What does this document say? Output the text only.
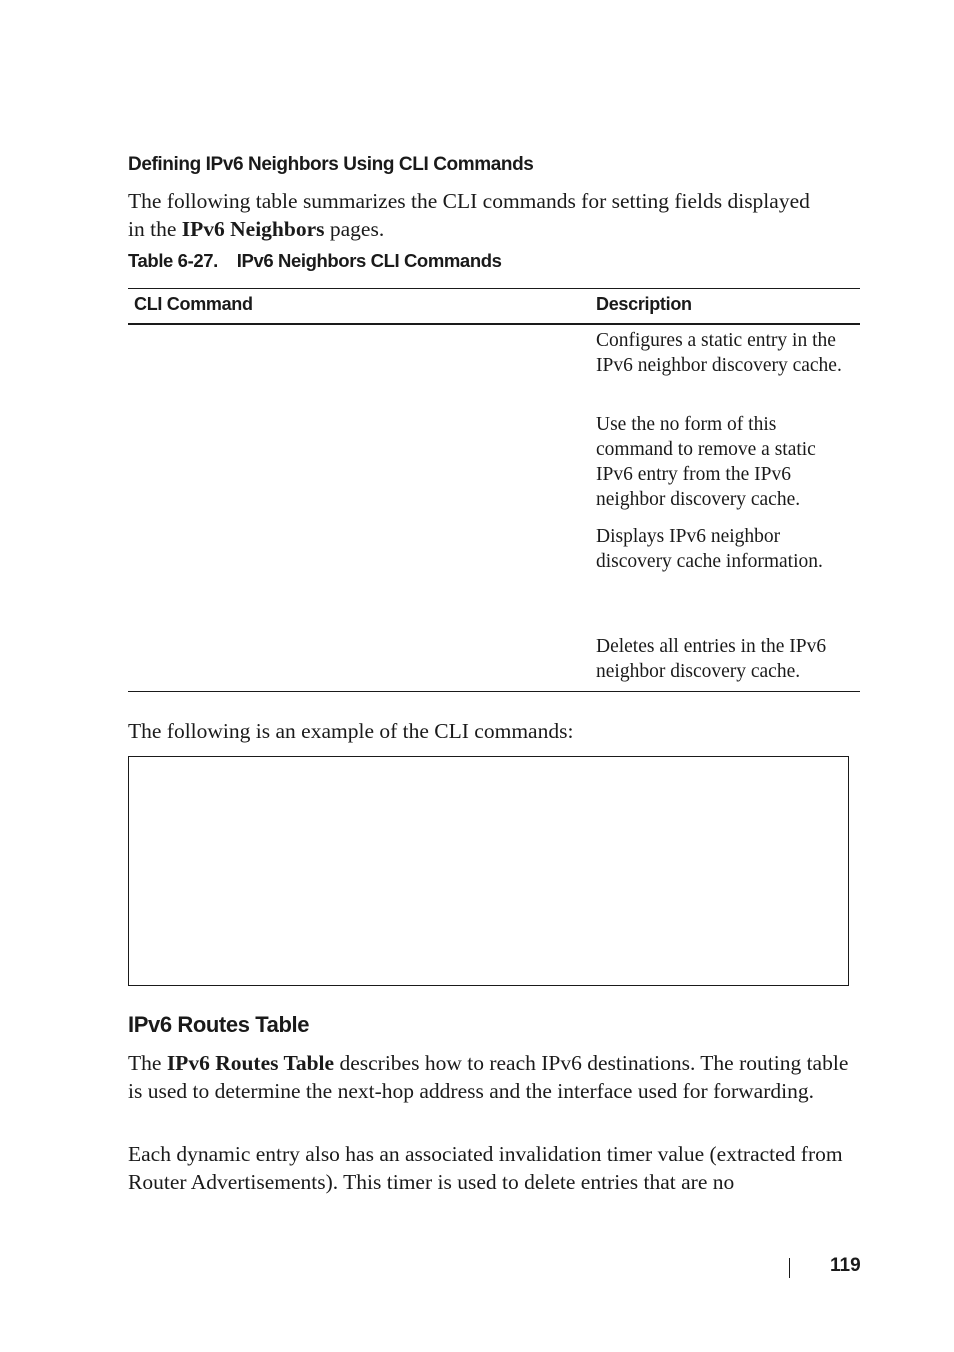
Defining IPv6 Neighbors Using CLI Commands
The following table summarizes the CLI commands for setting fields displayed in the IPv6 Neighbors pages.
Table 6-27.    IPv6 Neighbors CLI Commands
CLI Command	Description
Configures a static entry in the IPv6 neighbor discovery cache.
Use the no form of this command to remove a static IPv6 entry from the IPv6 neighbor discovery cache.
Displays IPv6 neighbor discovery cache information.
Deletes all entries in the IPv6 neighbor discovery cache.
The following is an example of the CLI commands:
IPv6 Routes Table
The IPv6 Routes Table describes how to reach IPv6 destinations. The routing table is used to determine the next-hop address and the interface used for forwarding.
Each dynamic entry also has an associated invalidation timer value (extracted from Router Advertisements). This timer is used to delete entries that are no
119
